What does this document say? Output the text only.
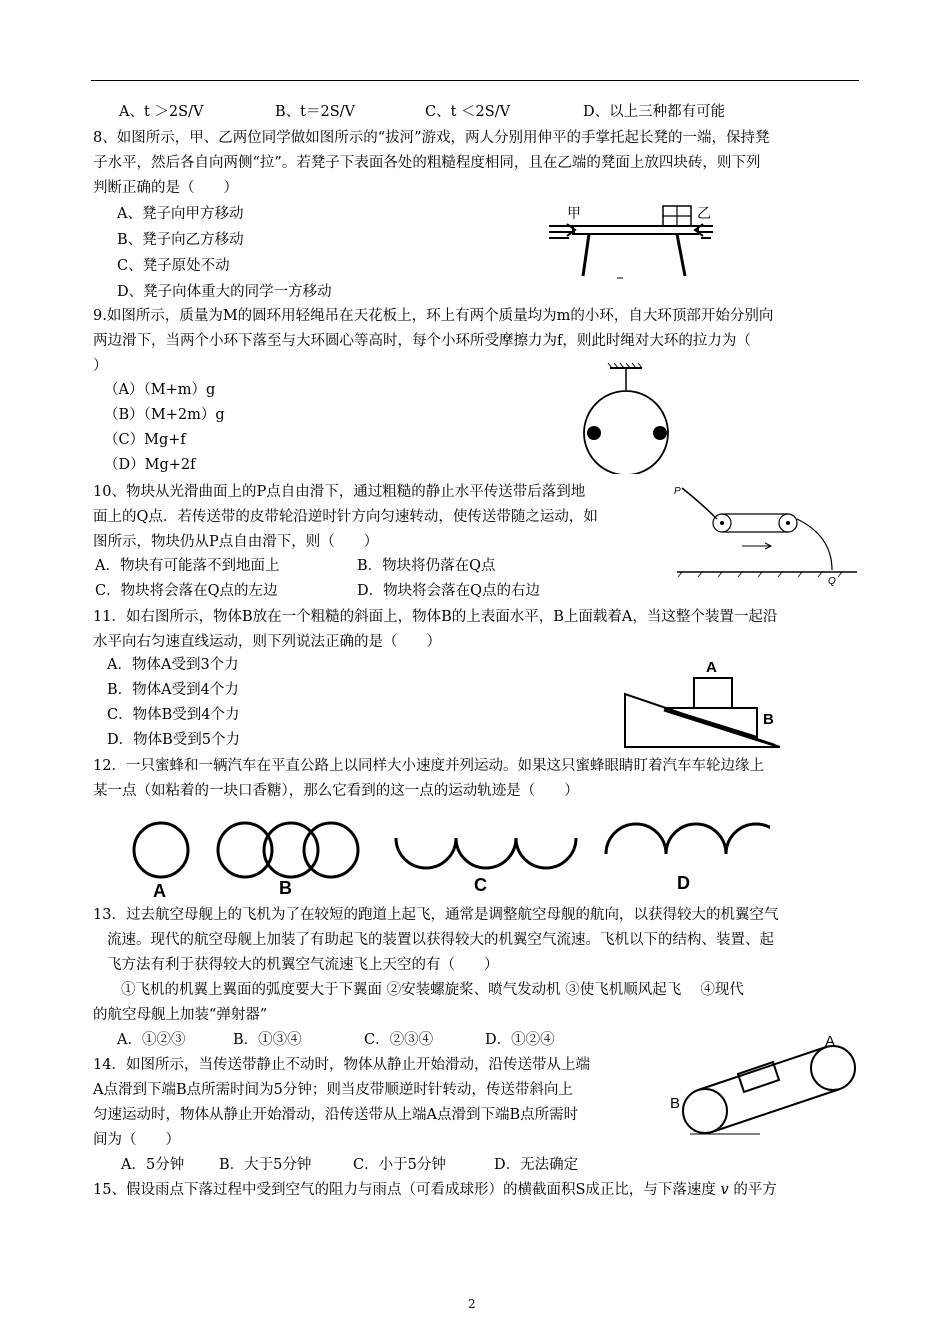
A、t ＞2S/V	B、t＝2S/V	C、t ＜2S/V	D、以上三种都有可能
8、如图所示，甲、乙两位同学做如图所示的“拔河”游戏，两人分别用伸平的手掌托起长凳的一端，保持凳
子水平，然后各自向两侧“拉”。若凳子下表面各处的粗糙程度相同，且在乙端的凳面上放四块砖，则下列
判断正确的是（　　）
A、凳子向甲方移动
B、凳子向乙方移动
C、凳子原处不动
D、凳子向体重大的同学一方移动
甲	乙
9.如图所示，质量为M的圆环用轻绳吊在天花板上，环上有两个质量均为m的小环，自大环顶部开始分别向
两边滑下，当两个小环下落至与大环圆心等高时，每个小环所受摩擦力为f，则此时绳对大环的拉力为（
）
（A）（M+m）g
（B）（M+2m）g
（C）Mg+f
（D）Mg+2f
10、物块从光滑曲面上的P点自由滑下，通过粗糙的静止水平传送带后落到地
面上的Q点．若传送带的皮带轮沿逆时针方向匀速转动，使传送带随之运动，如
图所示，物块仍从P点自由滑下，则（　　）
A．物块有可能落不到地面上	B．物块将仍落在Q点
C．物块将会落在Q点的左边	D．物块将会落在Q点的右边
P
Q
11．如右图所示，物体B放在一个粗糙的斜面上，物体B的上表面水平，B上面载着A，当这整个装置一起沿
水平向右匀速直线运动，则下列说法正确的是（　　）
A．物体A受到3个力
B．物体A受到4个力
C．物体B受到4个力
D．物体B受到5个力
A
B
12．一只蜜蜂和一辆汽车在平直公路上以同样大小速度并列运动。如果这只蜜蜂眼睛盯着汽车车轮边缘上
某一点（如粘着的一块口香糖），那么它看到的这一点的运动轨迹是（　　）
A	B	C	D
13．过去航空母舰上的飞机为了在较短的跑道上起飞，通常是调整航空母舰的航向，以获得较大的机翼空气
流速。现代的航空母舰上加装了有助起飞的装置以获得较大的机翼空气流速。飞机以下的结构、装置、起
飞方法有利于获得较大的机翼空气流速飞上天空的有（　　）
①飞机的机翼上翼面的弧度要大于下翼面 ②安装螺旋桨、喷气发动机 ③使飞机顺风起飞　 ④现代
的航空母舰上加装“弹射器”
A．①②③	B．①③④	C．②③④	D．①②④
14．如图所示，当传送带静止不动时，物体从静止开始滑动，沿传送带从上端
A点滑到下端B点所需时间为5分钟；则当皮带顺逆时针转动，传送带斜向上
匀速运动时，物体从静止开始滑动，沿传送带从上端A点滑到下端B点所需时
间为（　　）
A．5分钟 B．大于5分钟	C．小于5分钟	D．无法确定
A
B
15、假设雨点下落过程中受到空气的阻力与雨点（可看成球形）的横截面积S成正比，与下落速度 v 的平方
2
